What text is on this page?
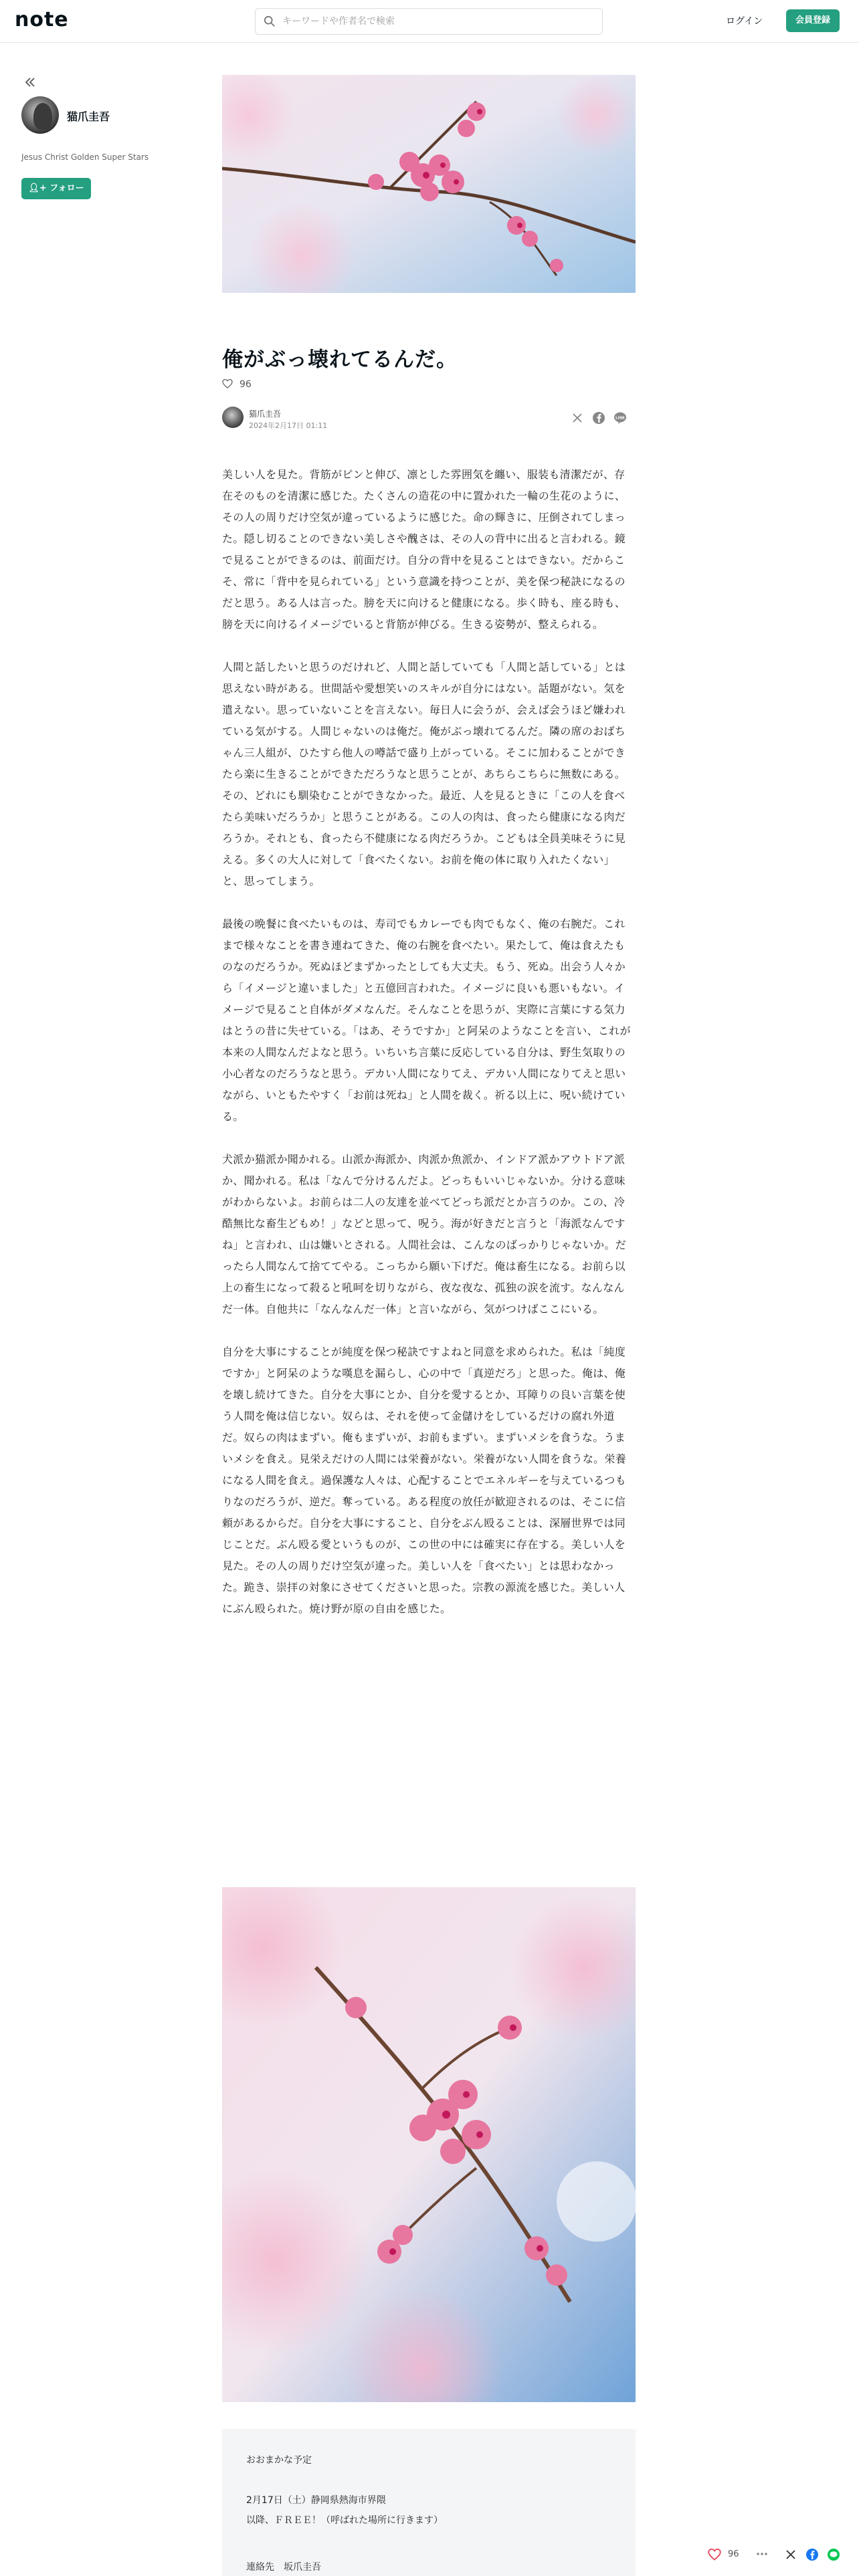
note
キーワードや作者名で検索	ログイン	会員登録
猫爪圭吾
Jesus Christ Golden Super Stars
👤︎+ フォロー
俺がぶっ壊れてるんだ。
96
猫爪圭吾
2024年2月17日 01:11
LINE

美しい人を見た。背筋がピンと伸び、凛とした雰囲気を纏い、服装も清潔だが、存在そのものを清潔に感じた。たくさんの造花の中に置かれた一輪の生花のように、その人の周りだけ空気が違っているように感じた。命の輝きに、圧倒されてしまった。隠し切ることのできない美しさや醜さは、その人の背中に出ると言われる。鏡で見ることができるのは、前面だけ。自分の背中を見ることはできない。だからこそ、常に「背中を見られている」という意識を持つことが、美を保つ秘訣になるのだと思う。ある人は言った。膀を天に向けると健康になる。歩く時も、座る時も、膀を天に向けるイメージでいると背筋が伸びる。生きる姿勢が、整えられる。

人間と話したいと思うのだけれど、人間と話していても「人間と話している」とは思えない時がある。世間話や愛想笑いのスキルが自分にはない。話題がない。気を遣えない。思っていないことを言えない。毎日人に会うが、会えば会うほど嫌われている気がする。人間じゃないのは俺だ。俺がぶっ壊れてるんだ。隣の席のおばちゃん三人組が、ひたすら他人の噂話で盛り上がっている。そこに加わることができたら楽に生きることができただろうなと思うことが、あちらこちらに無数にある。その、どれにも馴染むことができなかった。最近、人を見るときに「この人を食べたら美味いだろうか」と思うことがある。この人の肉は、食ったら健康になる肉だろうか。それとも、食ったら不健康になる肉だろうか。こどもは全員美味そうに見える。多くの大人に対して「食べたくない。お前を俺の体に取り入れたくない」と、思ってしまう。

最後の晩餐に食べたいものは、寿司でもカレーでも肉でもなく、俺の右腕だ。これまで様々なことを書き連ねてきた、俺の右腕を食べたい。果たして、俺は食えたものなのだろうか。死ぬほどまずかったとしても大丈夫。もう、死ぬ。出会う人々から「イメージと違いました」と五億回言われた。イメージに良いも悪いもない。イメージで見ること自体がダメなんだ。そんなことを思うが、実際に言葉にする気力はとうの昔に失せている。「はあ、そうですか」と阿呆のようなことを言い、これが本来の人間なんだよなと思う。いちいち言葉に反応している自分は、野生気取りの小心者なのだろうなと思う。デカい人間になりてえ、デカい人間になりてえと思いながら、いともたやすく「お前は死ね」と人間を裁く。祈る以上に、呪い続けている。

犬派か猫派か聞かれる。山派か海派か、肉派か魚派か、インドア派かアウトドア派か、聞かれる。私は「なんで分けるんだよ。どっちもいいじゃないか。分ける意味がわからないよ。お前らは二人の友達を並べてどっち派だとか言うのか。この、冷酷無比な畜生どもめ！」などと思って、呪う。海が好きだと言うと「海派なんですね」と言われ、山は嫌いとされる。人間社会は、こんなのばっかりじゃないか。だったら人間なんて捨ててやる。こっちから願い下げだ。俺は畜生になる。お前ら以上の畜生になって殺ると吼呵を切りながら、夜な夜な、孤独の涙を流す。なんなんだ一体。自他共に「なんなんだ一体」と言いながら、気がつけばここにいる。

自分を大事にすることが純度を保つ秘訣ですよねと同意を求められた。私は「純度ですか」と阿呆のような嘆息を漏らし、心の中で「真逆だろ」と思った。俺は、俺を壊し続けてきた。自分を大事にとか、自分を愛するとか、耳障りの良い言葉を使う人間を俺は信じない。奴らは、それを使って金儲けをしているだけの腐れ外道だ。奴らの肉はまずい。俺もまずいが、お前もまずい。まずいメシを食うな。うまいメシを食え。見栄えだけの人間には栄養がない。栄養がない人間を食うな。栄養になる人間を食え。過保護な人々は、心配することでエネルギーを与えているつもりなのだろうが、逆だ。奪っている。ある程度の放任が歓迎されるのは、そこに信頼があるからだ。自分を大事にすること、自分をぶん殴ることは、深層世界では同じことだ。ぶん殴る愛というものが、この世の中には確実に存在する。美しい人を見た。その人の周りだけ空気が違った。美しい人を「食べたい」とは思わなかった。跪き、崇拝の対象にさせてくださいと思った。宗教の源流を感じた。美しい人にぶん殴られた。焼け野が原の自由を感じた。

おおまかな予定
2月17日（土）静岡県熱海市界隈
以降、ＦＲＥＥ！（呼ばれた場所に行きます）
連絡先　坂爪圭吾
96
